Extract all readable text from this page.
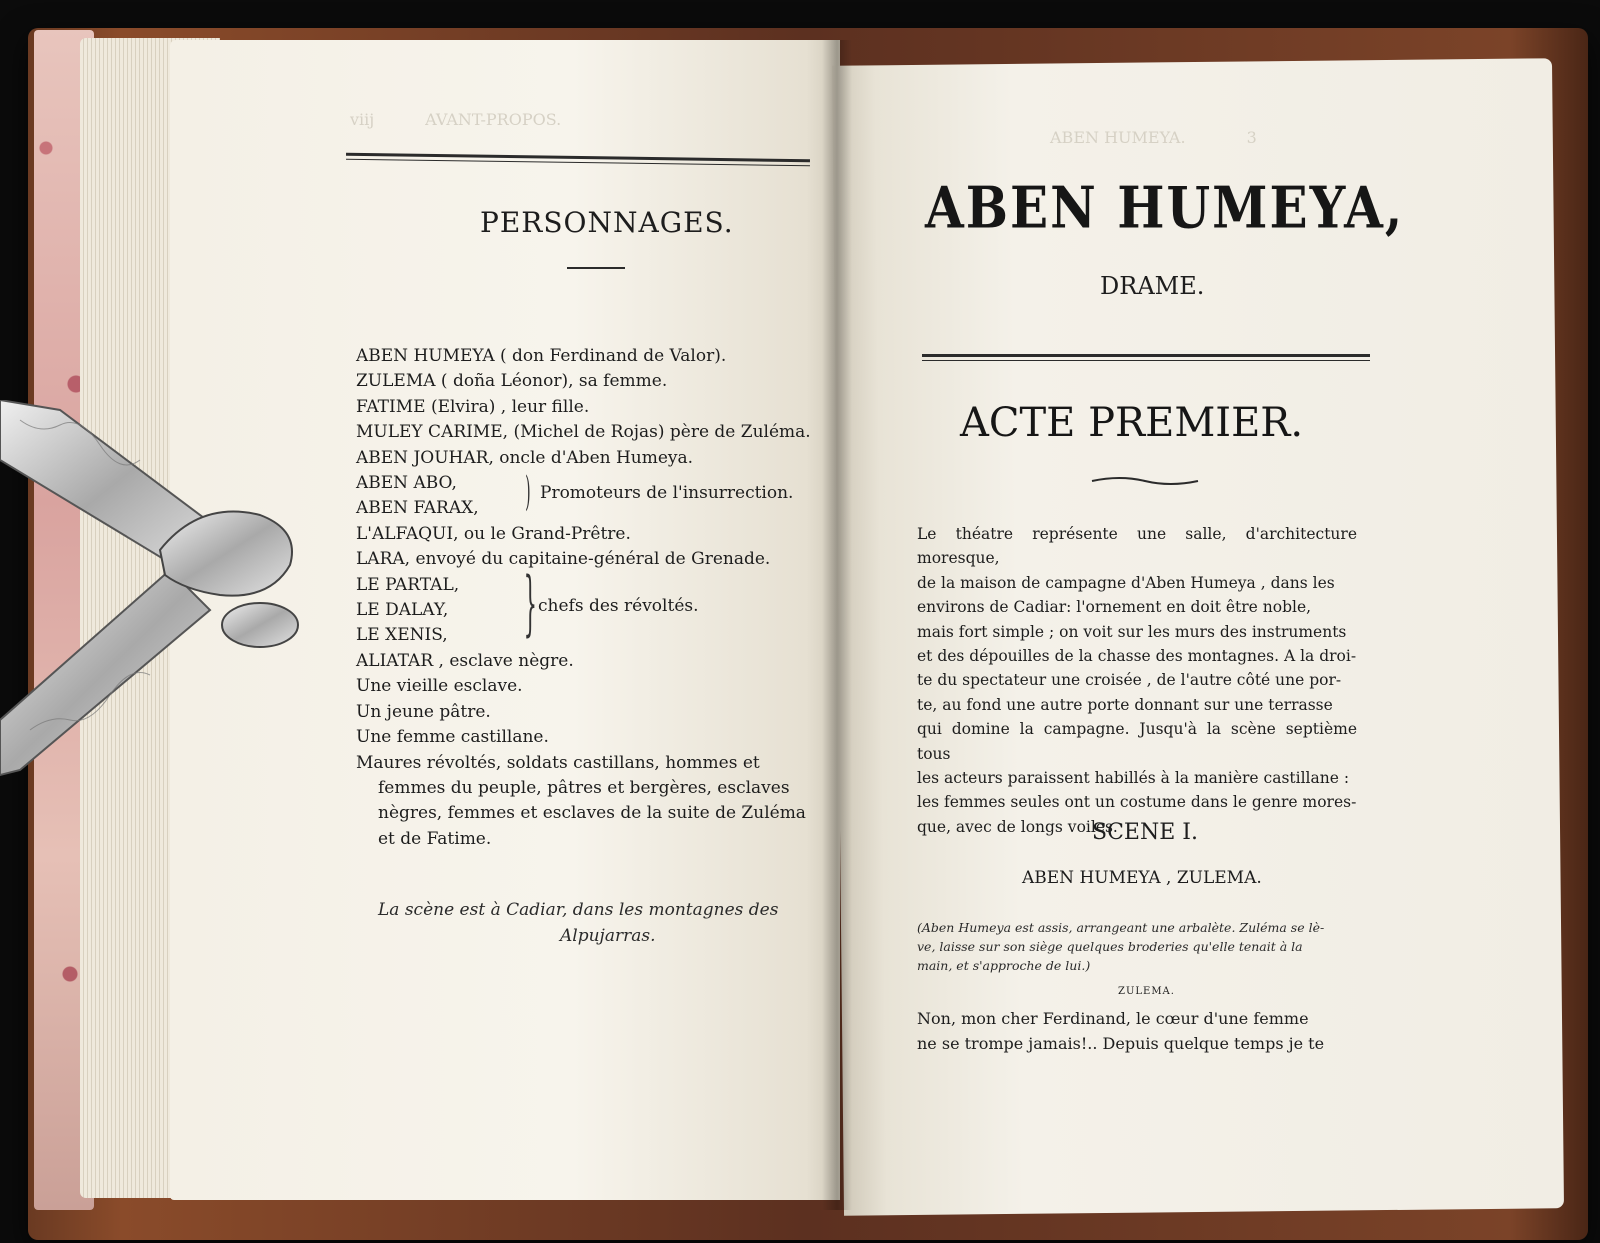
viij          AVANT-PROPOS.
PERSONNAGES.
ABEN HUMEYA ( don Ferdinand de Valor).
ZULEMA ( doña Léonor), sa femme.
FATIME (Elvira) , leur fille.
MULEY CARIME, (Michel de Rojas) père de Zuléma.
ABEN JOUHAR, oncle d'Aben Humeya.
ABEN ABO,
ABEN FARAX,
L'ALFAQUI, ou le Grand-Prêtre.
LARA, envoyé du capitaine-général de Grenade.
LE PARTAL,
LE DALAY,
LE XENIS,
ALIATAR , esclave nègre.
Une vieille esclave.
Un jeune pâtre.
Une femme castillane.
Maures révoltés, soldats castillans, hommes et
femmes du peuple, pâtres et bergères, esclaves
nègres, femmes et esclaves de la suite de Zuléma
et de Fatime.
) Promoteurs de l'insurrection.
} chefs des révoltés.
La scène est à Cadiar, dans les montagnes des
Alpujarras.
ABEN HUMEYA.            3
ABEN HUMEYA,
DRAME.
ACTE PREMIER.
Le théatre représente une salle, d'architecture moresque,
de la maison de campagne d'Aben Humeya , dans les
environs de Cadiar: l'ornement en doit être noble,
mais fort simple ; on voit sur les murs des instruments
et des dépouilles de la chasse des montagnes. A la droi-
te du spectateur une croisée , de l'autre côté une por-
te, au fond une autre porte donnant sur une terrasse
qui domine la campagne. Jusqu'à la scène septième tous
les acteurs paraissent habillés à la manière castillane :
les femmes seules ont un costume dans le genre mores-
que, avec de longs voiles.
SCENE I.
ABEN HUMEYA , ZULEMA.
(Aben Humeya est assis, arrangeant une arbalète. Zuléma se lè-
ve, laisse sur son siège quelques broderies qu'elle tenait à la
main, et s'approche de lui.)
ZULEMA.
Non, mon cher Ferdinand, le cœur d'une femme
ne se trompe jamais!.. Depuis quelque temps je te
